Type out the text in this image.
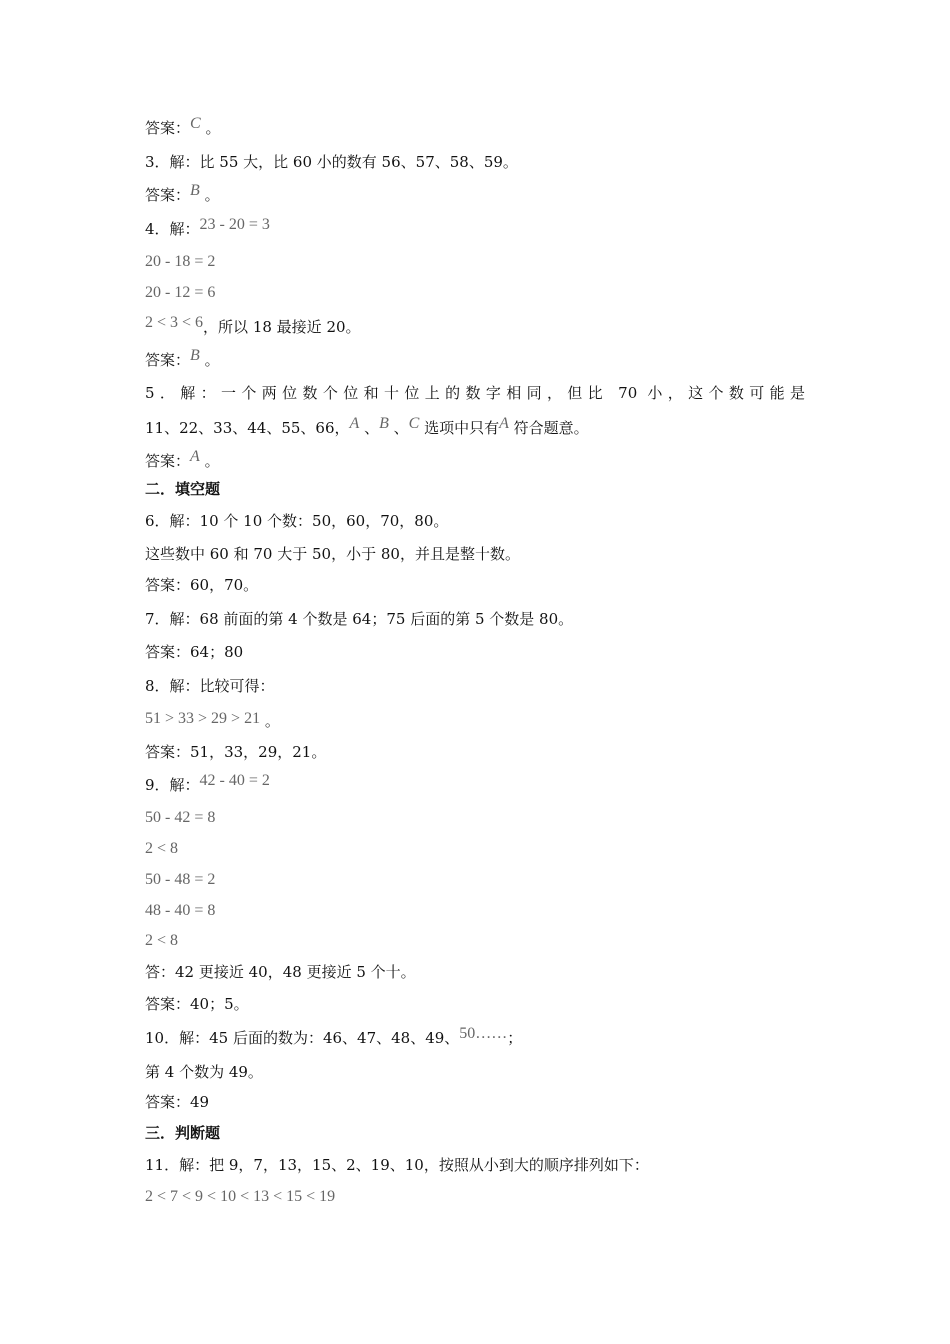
答案：C 。
3．解：比 55 大，比 60 小的数有 56、57、58、59。
答案：B 。
4．解：23 - 20 = 3
20 - 18 = 2
20 - 12 = 6
2 < 3 < 6，所以 18 最接近 20。
答案：B 。
5．解：一个两位数个位和十位上的数字相同，但比 70 小，这个数可能是
11、22、33、44、55、66，A 、B 、C 选项中只有A 符合题意。
答案：A 。
二．填空题
6．解：10 个 10 个数：50，60，70，80。
这些数中 60 和 70 大于 50，小于 80，并且是整十数。
答案：60，70。
7．解：68 前面的第 4 个数是 64；75 后面的第 5 个数是 80。
答案：64；80
8．解：比较可得：
51 > 33 > 29 > 21 。
答案：51，33，29，21。
9．解：42 - 40 = 2
50 - 42 = 8
2 < 8
50 - 48 = 2
48 - 40 = 8
2 < 8
答：42 更接近 40，48 更接近 5 个十。
答案：40；5。
10．解：45 后面的数为：46、47、48、49、50……；
第 4 个数为 49。
答案：49
三．判断题
11．解：把 9，7，13，15、2、19、10，按照从小到大的顺序排列如下：
2 < 7 < 9 < 10 < 13 < 15 < 19
